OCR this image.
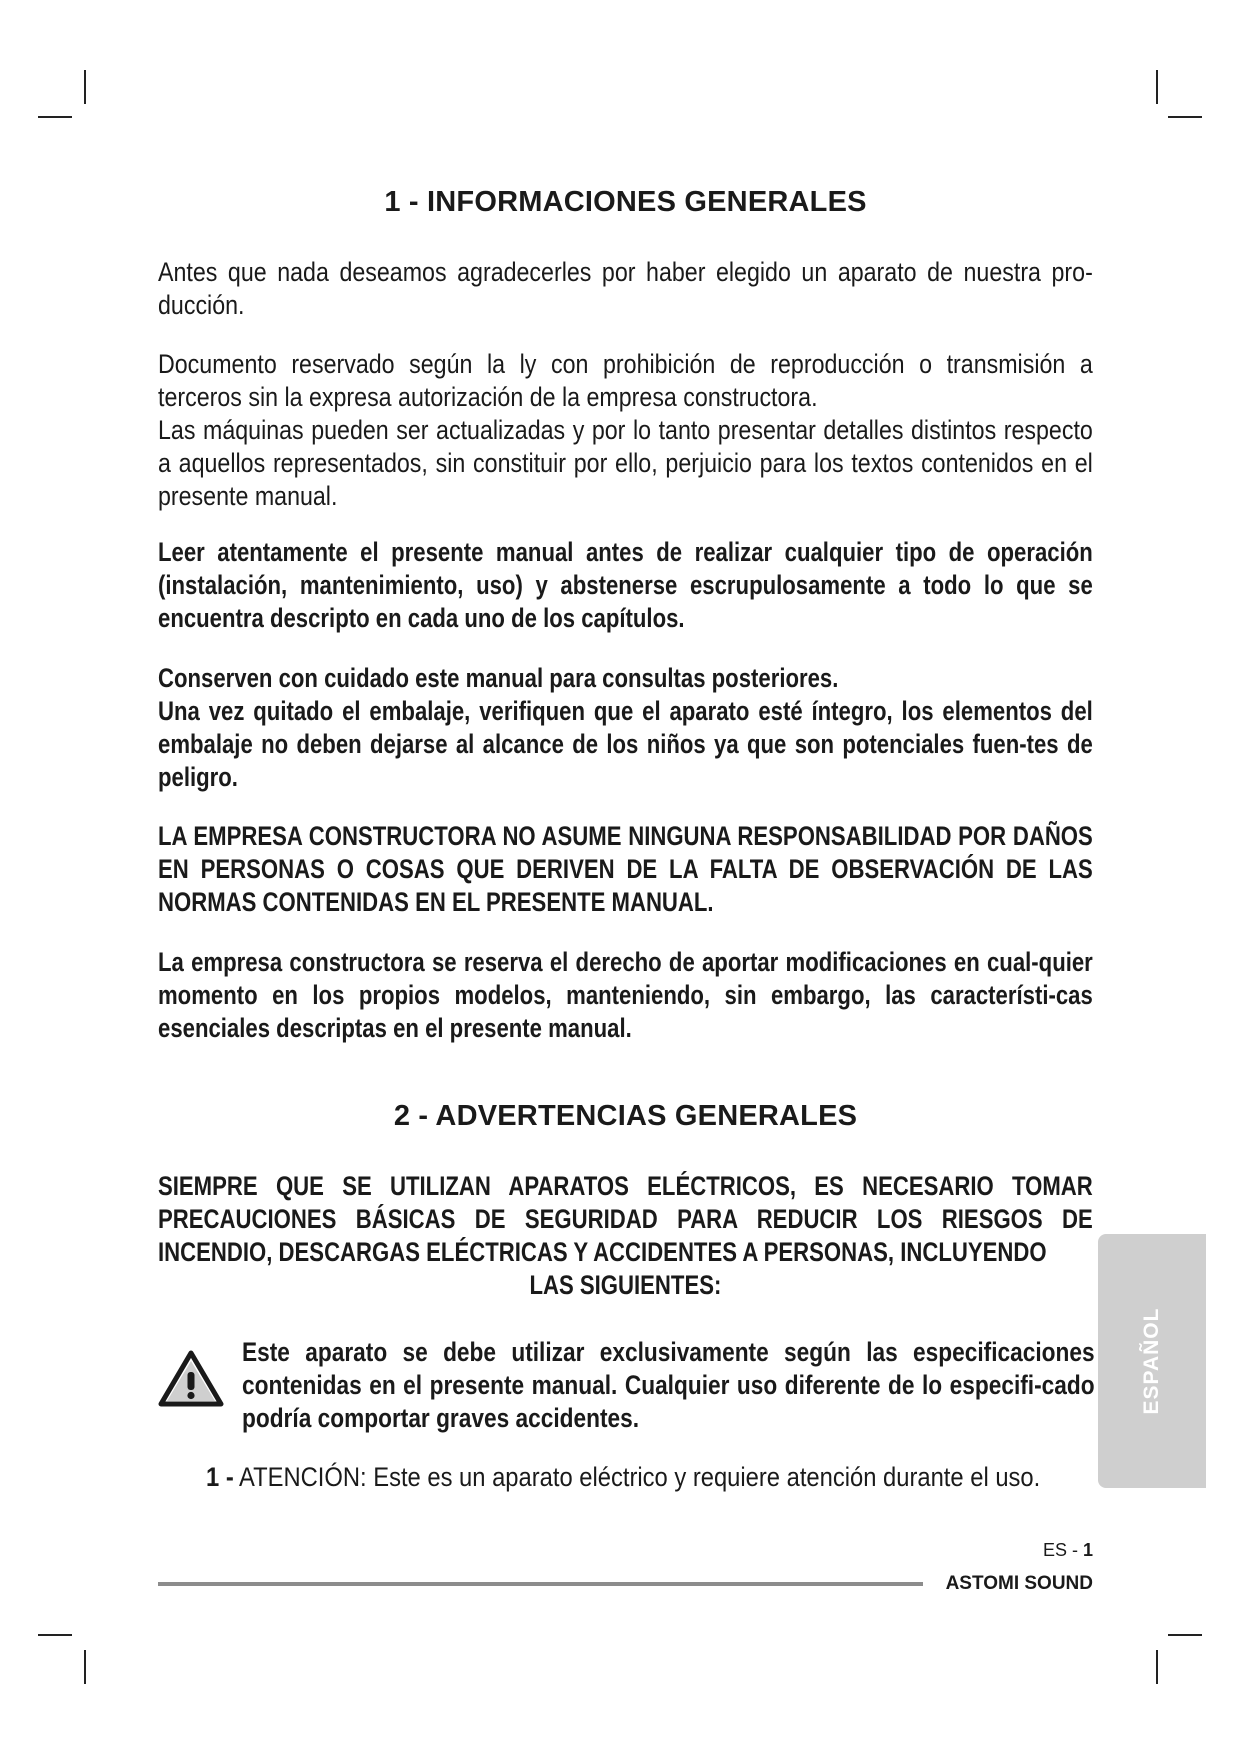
1 - INFORMACIONES GENERALES
Antes que nada deseamos agradecerles por haber elegido un aparato de nuestra pro-ducción.
Documento reservado según la ly con prohibición de reproducción o transmisión a terceros sin la expresa autorización de la empresa constructora.
Las máquinas pueden ser actualizadas y por lo tanto presentar detalles distintos respecto a aquellos representados, sin constituir por ello, perjuicio para los textos contenidos en el presente manual.
Leer atentamente el presente manual antes de realizar cualquier tipo de operación (instalación, mantenimiento, uso) y abstenerse escrupulosamente a todo lo que se encuentra descripto en cada uno de los capítulos.
Conserven con cuidado este manual para consultas posteriores.
Una vez quitado el embalaje, verifiquen que el aparato esté íntegro, los elementos del embalaje no deben dejarse al alcance de los niños ya que son potenciales fuen-tes de peligro.
LA EMPRESA CONSTRUCTORA NO ASUME NINGUNA RESPONSABILIDAD POR DAÑOS EN PERSONAS O COSAS QUE DERIVEN DE LA FALTA DE OBSERVACIÓN DE LAS NORMAS CONTENIDAS EN EL PRESENTE MANUAL.
La empresa constructora se reserva el derecho de aportar modificaciones en cual-quier momento en los propios modelos, manteniendo, sin embargo, las característi-cas esenciales descriptas en el presente manual.
2 - ADVERTENCIAS GENERALES
SIEMPRE QUE SE UTILIZAN APARATOS ELÉCTRICOS, ES NECESARIO TOMAR PRECAUCIONES BÁSICAS DE SEGURIDAD PARA REDUCIR LOS RIESGOS DE INCENDIO, DESCARGAS ELÉCTRICAS Y ACCIDENTES A PERSONAS, INCLUYENDO
LAS SIGUIENTES:
Este aparato se debe utilizar exclusivamente según las especificaciones contenidas en el presente manual. Cualquier uso diferente de lo especifi-cado podría comportar graves accidentes.
1 - ATENCIÓN: Este es un aparato eléctrico y requiere atención durante el uso.
ES - 1
ASTOMI SOUND
ESPAÑOL
